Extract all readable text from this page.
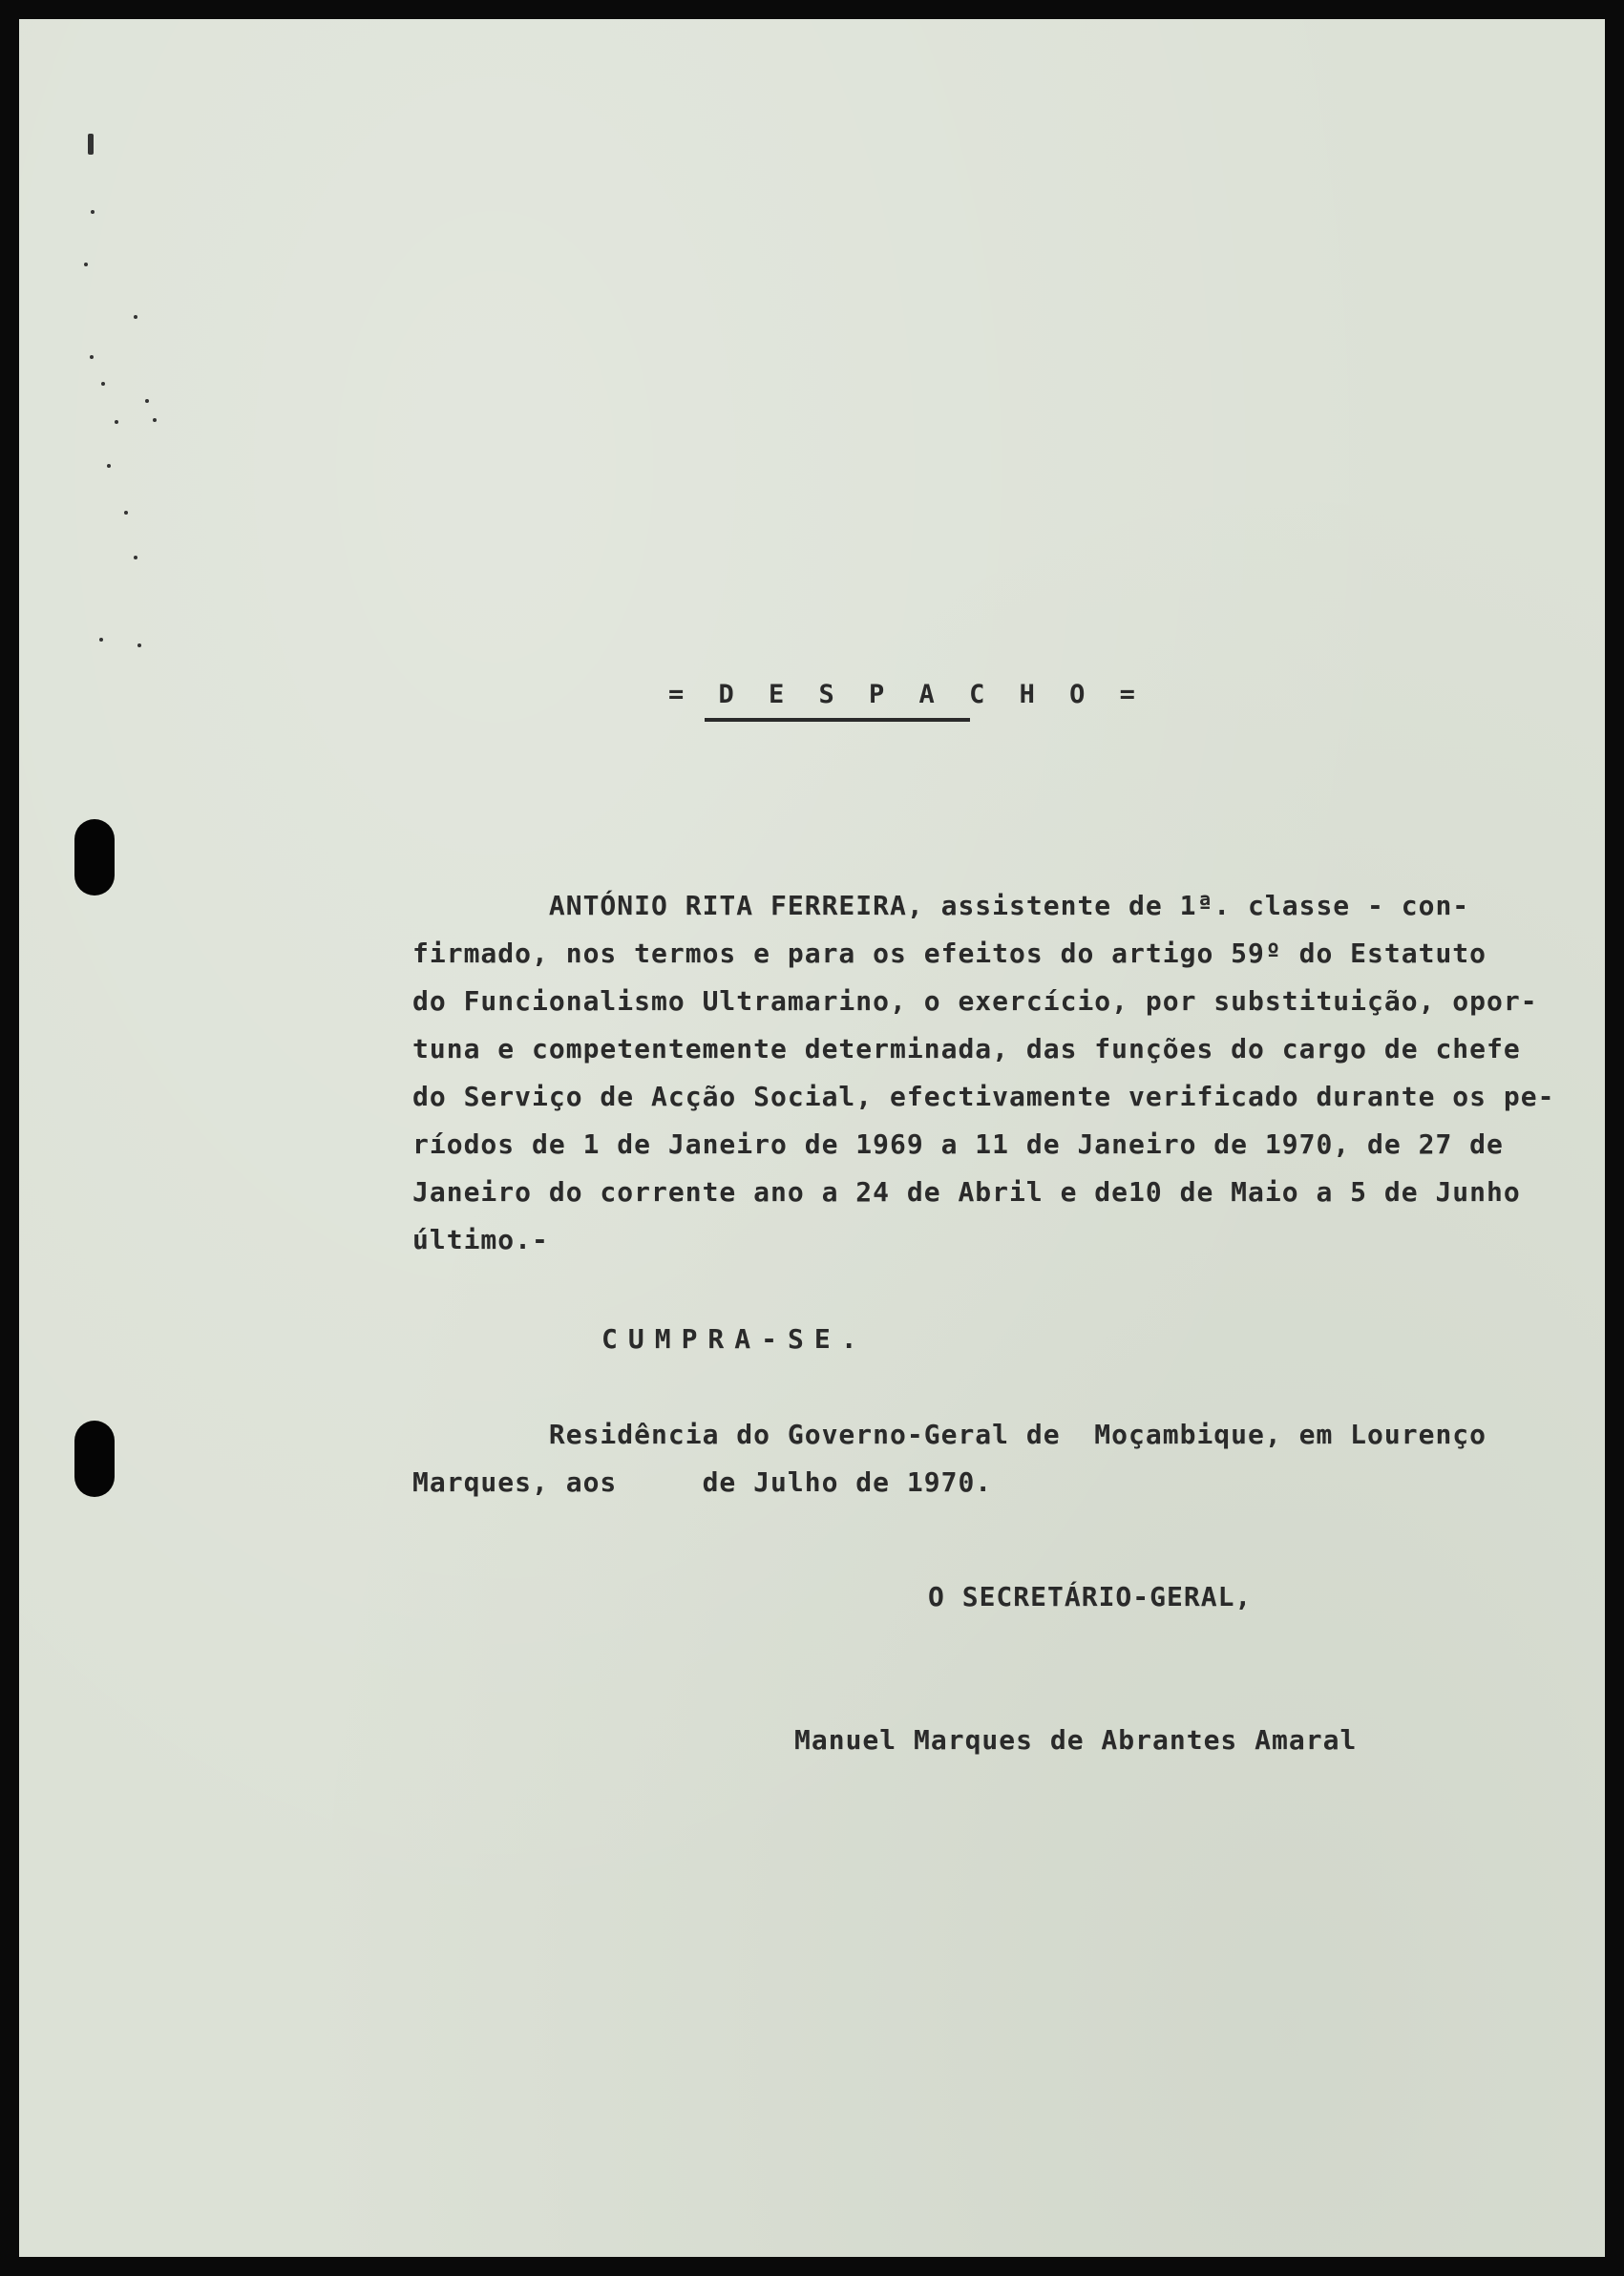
= D E S P A C H O =
ANTÓNIO RITA FERREIRA, assistente de 1ª. classe - con-
firmado, nos termos e para os efeitos do artigo 59º do Estatuto
do Funcionalismo Ultramarino, o exercício, por substituição, opor-
tuna e competentemente determinada, das funções do cargo de chefe
do Serviço de Acção Social, efectivamente verificado durante os pe-
ríodos de 1 de Janeiro de 1969 a 11 de Janeiro de 1970, de 27 de
Janeiro do corrente ano a 24 de Abril e de10 de Maio a 5 de Junho
último.-
CUMPRA-SE.
Residência do Governo-Geral de  Moçambique, em Lourenço
Marques, aos     de Julho de 1970.
O SECRETÁRIO-GERAL,
Manuel Marques de Abrantes Amaral
